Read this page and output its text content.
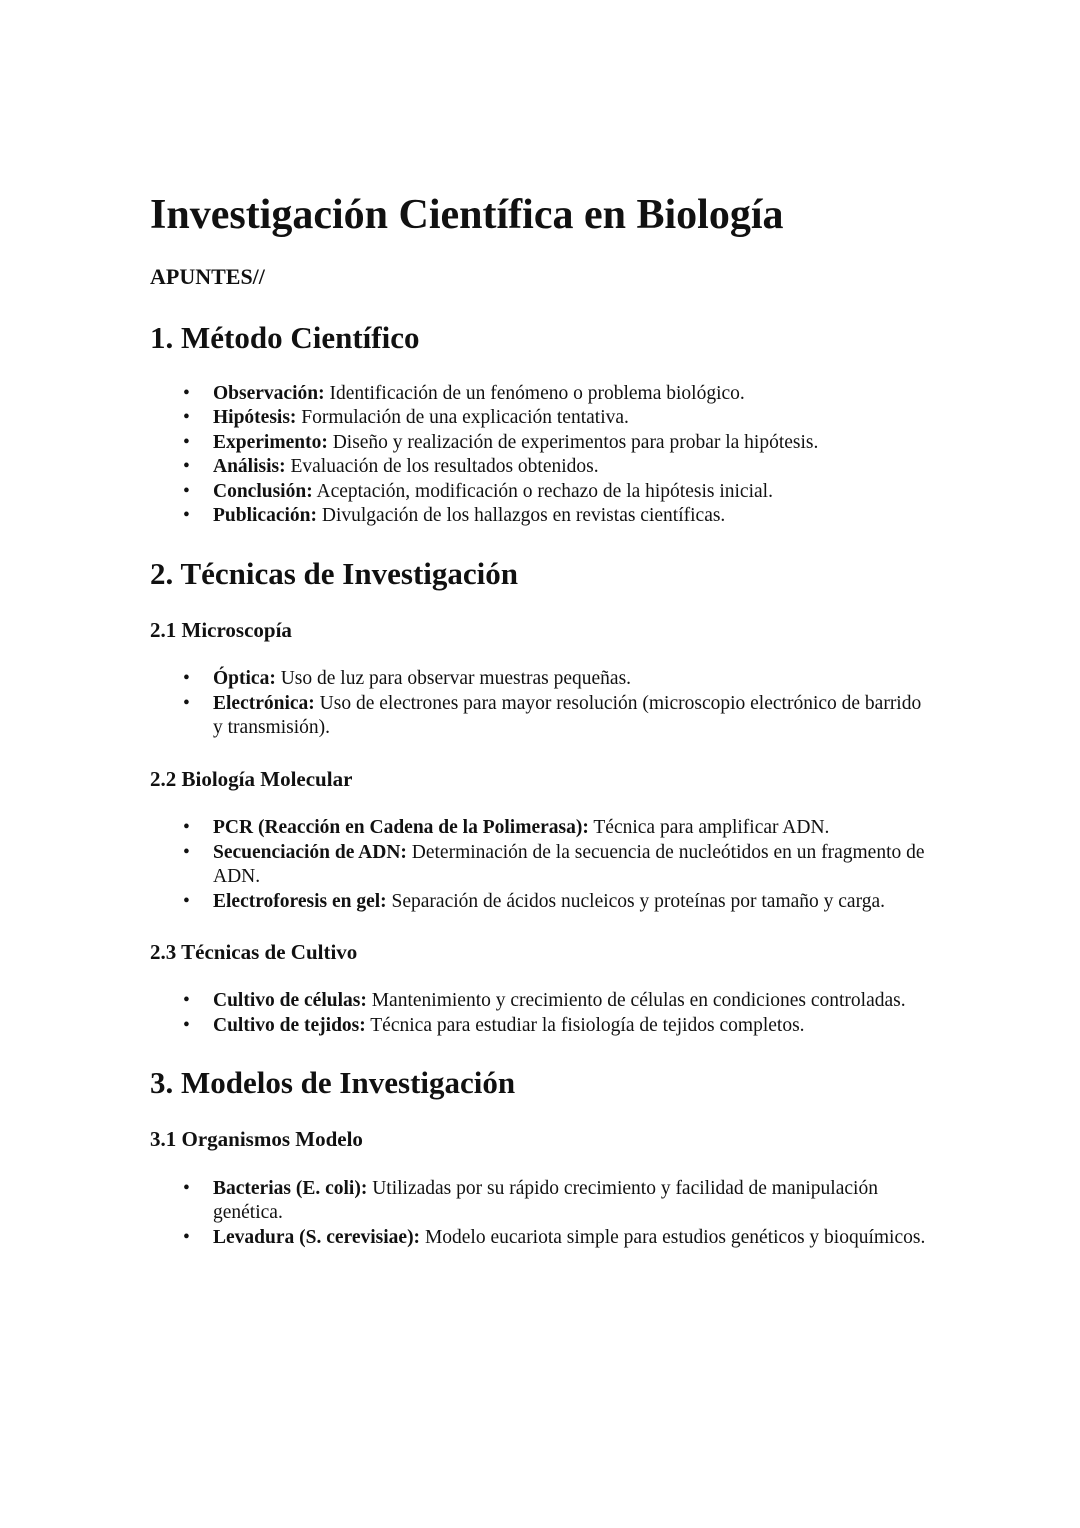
Investigación Científica en Biología
APUNTES//
1. Método Científico
• Observación: Identificación de un fenómeno o problema biológico.
• Hipótesis: Formulación de una explicación tentativa.
• Experimento: Diseño y realización de experimentos para probar la hipótesis.
• Análisis: Evaluación de los resultados obtenidos.
• Conclusión: Aceptación, modificación o rechazo de la hipótesis inicial.
• Publicación: Divulgación de los hallazgos en revistas científicas.
2. Técnicas de Investigación
2.1 Microscopía
• Óptica: Uso de luz para observar muestras pequeñas.
• Electrónica: Uso de electrones para mayor resolución (microscopio electrónico de barrido y transmisión).
2.2 Biología Molecular
• PCR (Reacción en Cadena de la Polimerasa): Técnica para amplificar ADN.
• Secuenciación de ADN: Determinación de la secuencia de nucleótidos en un fragmento de ADN.
• Electroforesis en gel: Separación de ácidos nucleicos y proteínas por tamaño y carga.
2.3 Técnicas de Cultivo
• Cultivo de células: Mantenimiento y crecimiento de células en condiciones controladas.
• Cultivo de tejidos: Técnica para estudiar la fisiología de tejidos completos.
3. Modelos de Investigación
3.1 Organismos Modelo
• Bacterias (E. coli): Utilizadas por su rápido crecimiento y facilidad de manipulación genética.
• Levadura (S. cerevisiae): Modelo eucariota simple para estudios genéticos y bioquímicos.
